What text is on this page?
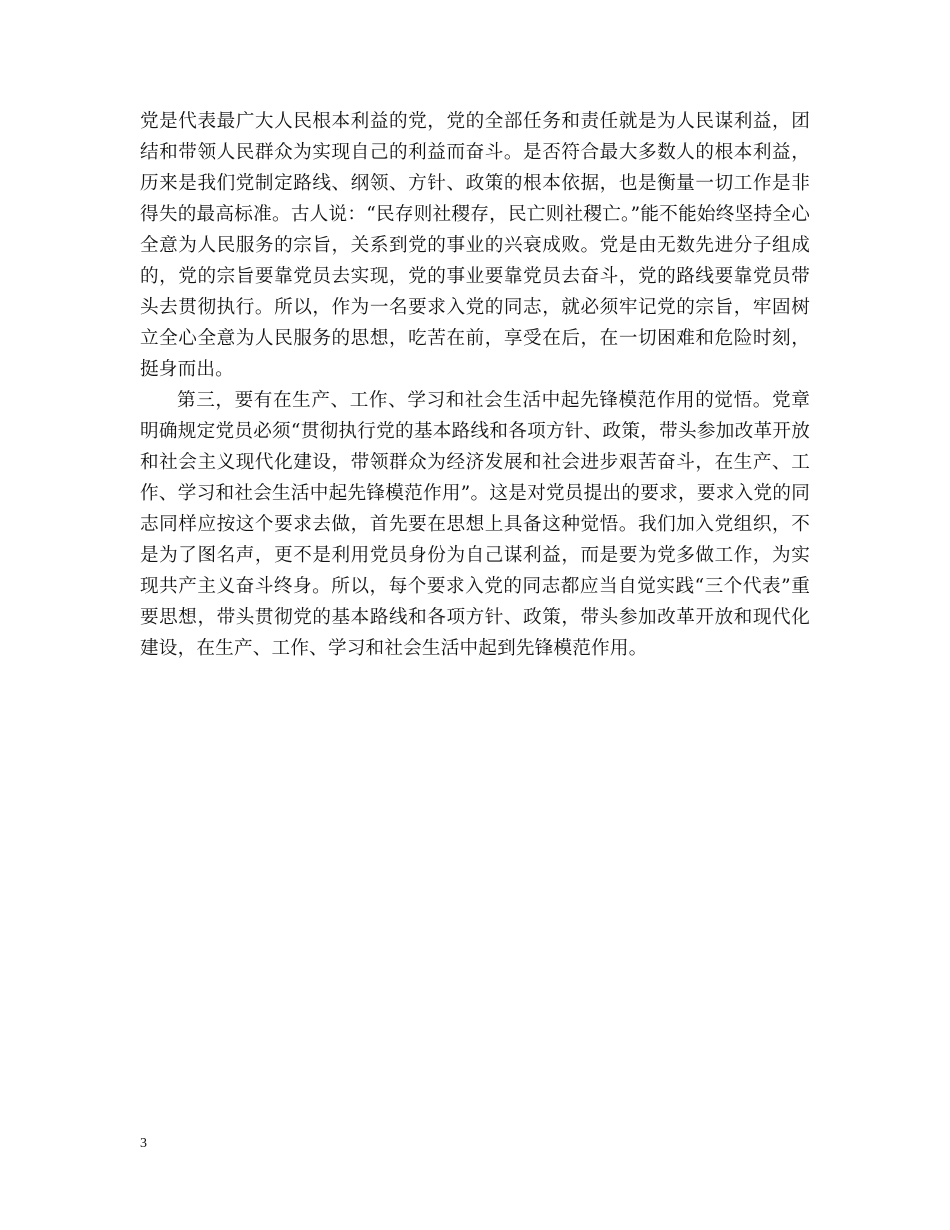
党是代表最广大人民根本利益的党，党的全部任务和责任就是为人民谋利益，团结和带领人民群众为实现自己的利益而奋斗。是否符合最大多数人的根本利益，历来是我们党制定路线、纲领、方针、政策的根本依据，也是衡量一切工作是非得失的最高标准。古人说：“民存则社稷存，民亡则社稷亡。”能不能始终坚持全心全意为人民服务的宗旨，关系到党的事业的兴衰成败。党是由无数先进分子组成的，党的宗旨要靠党员去实现，党的事业要靠党员去奋斗，党的路线要靠党员带头去贯彻执行。所以，作为一名要求入党的同志，就必须牢记党的宗旨，牢固树立全心全意为人民服务的思想，吃苦在前，享受在后，在一切困难和危险时刻，挺身而出。

第三，要有在生产、工作、学习和社会生活中起先锋模范作用的觉悟。党章明确规定党员必须“贯彻执行党的基本路线和各项方针、政策，带头参加改革开放和社会主义现代化建设，带领群众为经济发展和社会进步艰苦奋斗，在生产、工作、学习和社会生活中起先锋模范作用”。这是对党员提出的要求，要求入党的同志同样应按这个要求去做，首先要在思想上具备这种觉悟。我们加入党组织，不是为了图名声，更不是利用党员身份为自己谋利益，而是要为党多做工作，为实现共产主义奋斗终身。所以，每个要求入党的同志都应当自觉实践“三个代表”重要思想，带头贯彻党的基本路线和各项方针、政策，带头参加改革开放和现代化建设，在生产、工作、学习和社会生活中起到先锋模范作用。

3
